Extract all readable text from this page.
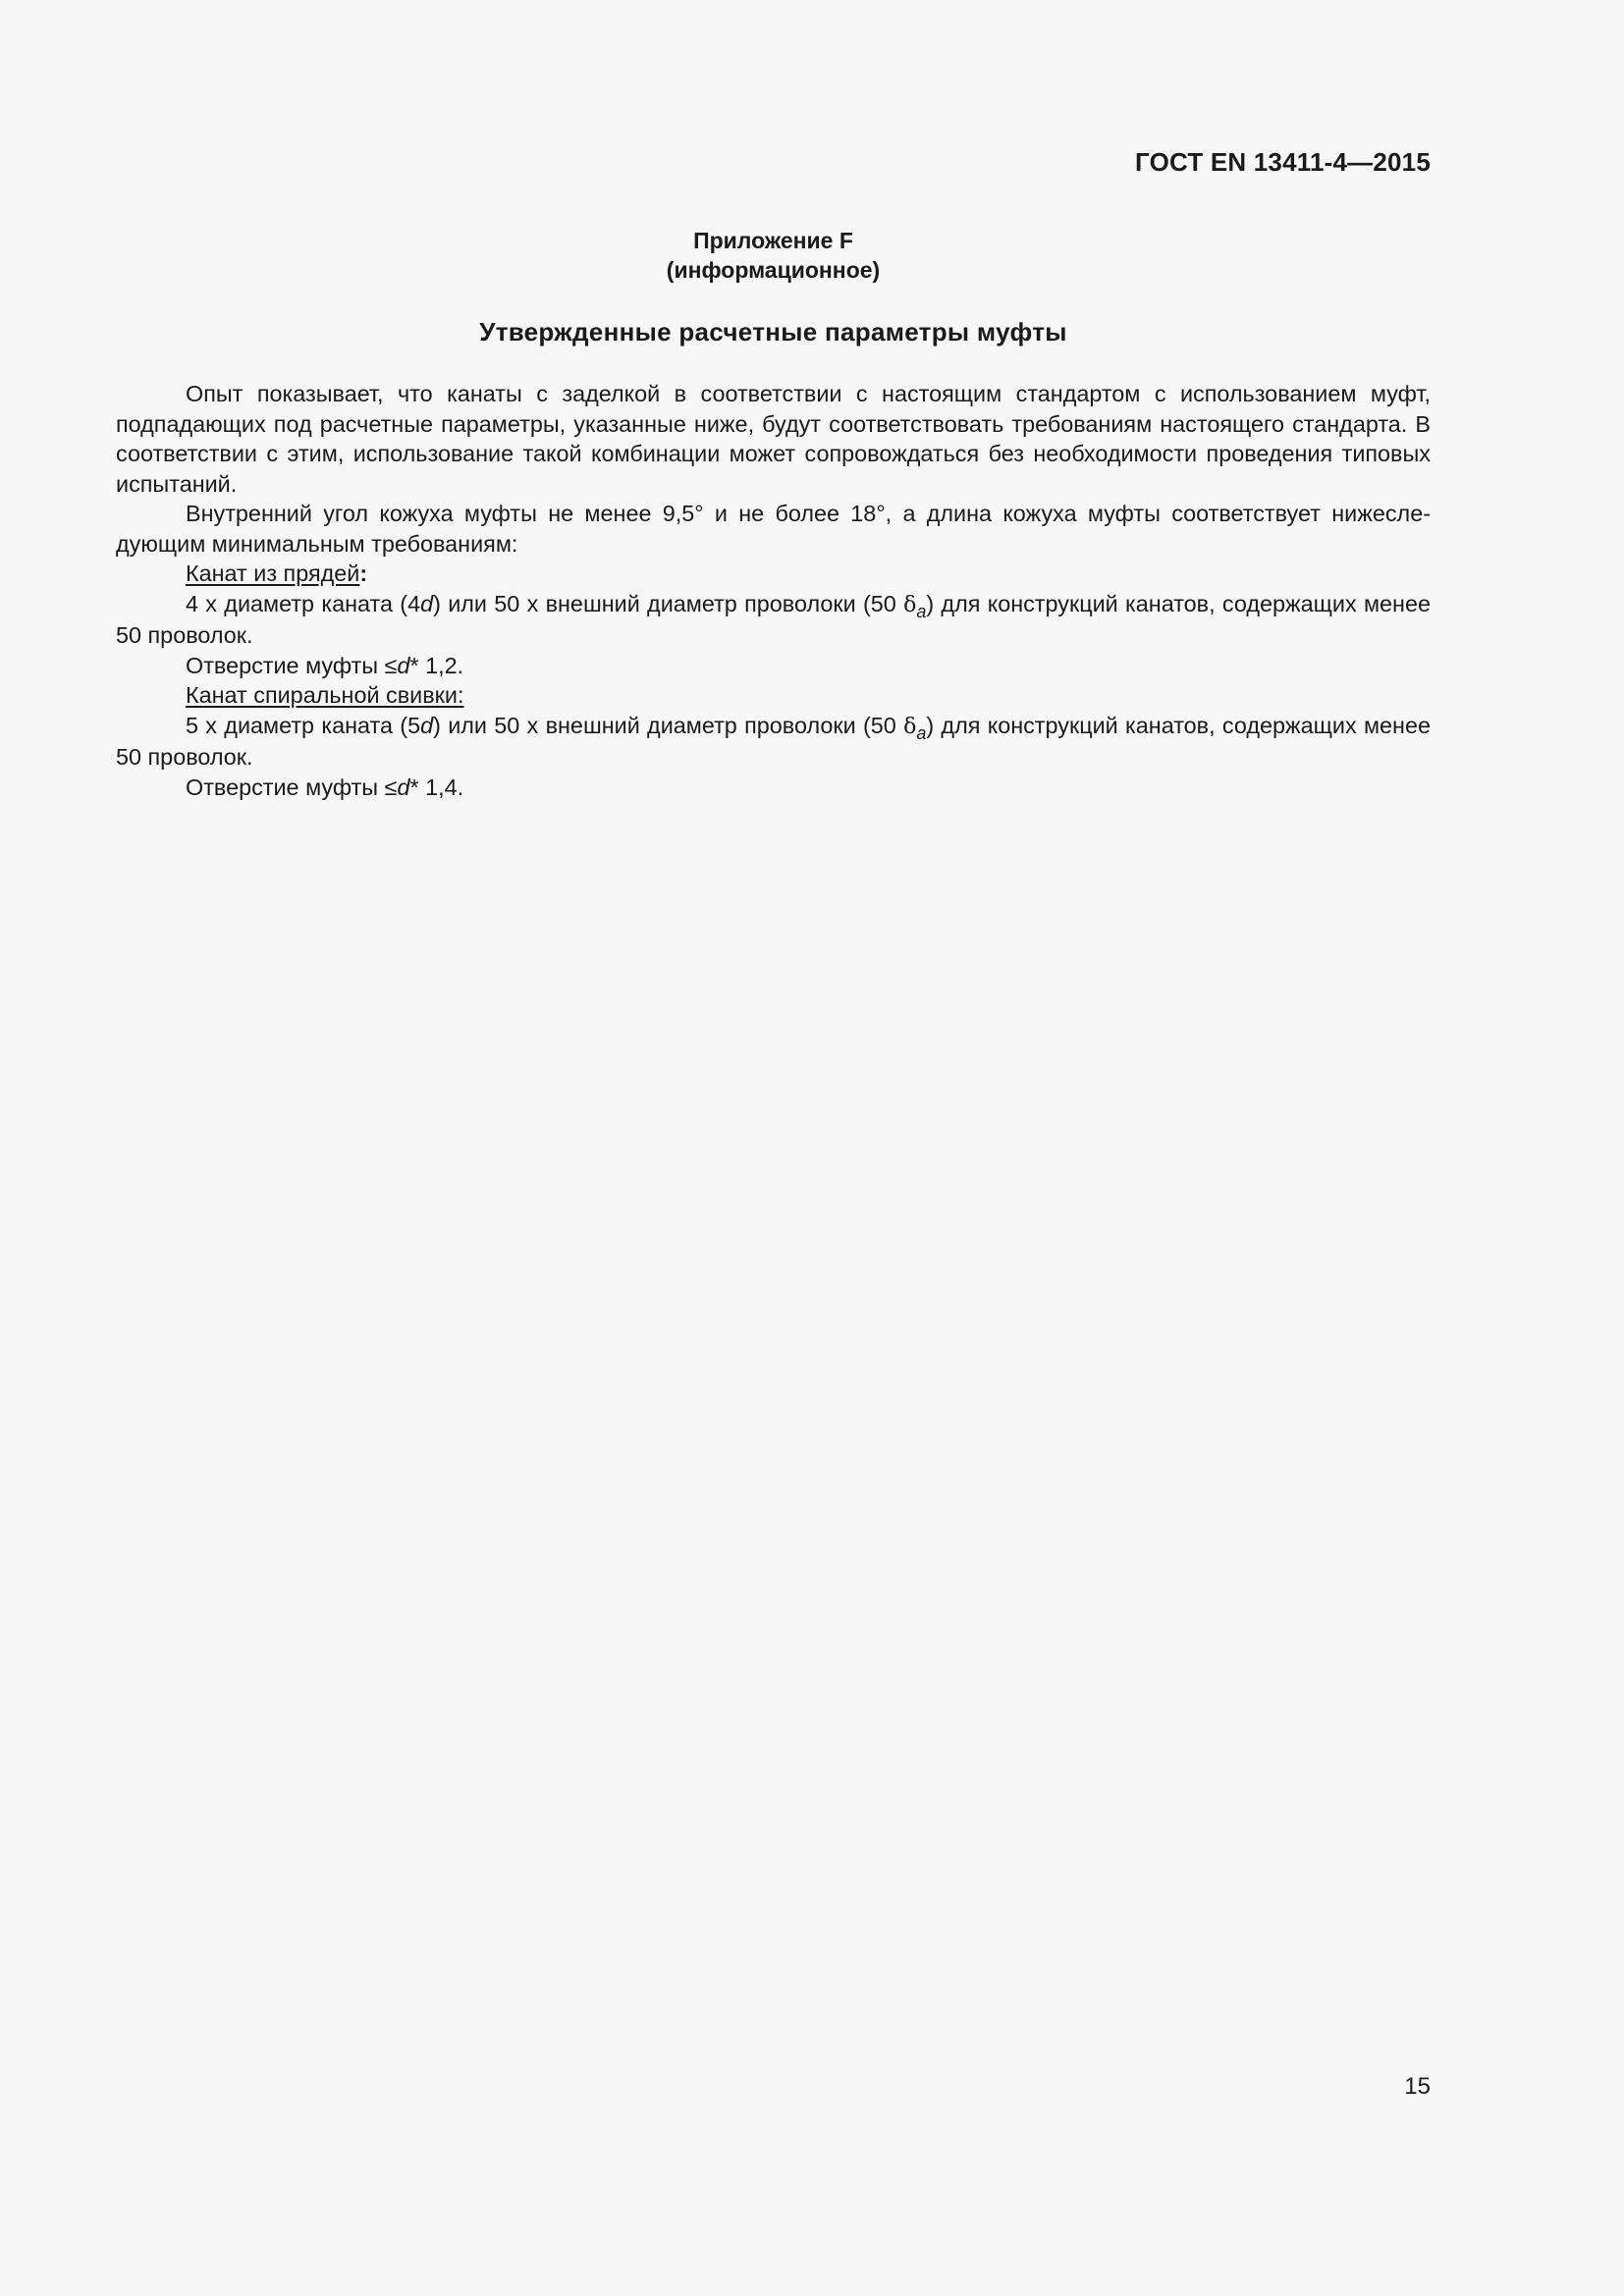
ГОСТ EN 13411-4—2015
Приложение F
(информационное)
Утвержденные расчетные параметры муфты

Опыт показывает, что канаты с заделкой в соответствии с настоящим стандартом с использованием муфт, подпадающих под расчетные параметры, указанные ниже, будут соответствовать требованиям настоящего стандарта. В соответствии с этим, использование такой комбинации может сопровождаться без необходимости проведения типовых испытаний.

Внутренний угол кожуха муфты не менее 9,5° и не более 18°, а длина кожуха муфты соответствует нижеследующим минимальным требованиям:

Канат из прядей:

4 х диаметр каната (4d) или 50 х внешний диаметр проволоки (50 $\delta_a$) для конструкций канатов, содержащих менее 50 проволок.

Отверстие муфты ≤d* 1,2.

Канат спиральной свивки:

5 х диаметр каната (5d) или 50 х внешний диаметр проволоки (50 $\delta_a$) для конструкций канатов, содержащих менее 50 проволок.

Отверстие муфты ≤d* 1,4.

15
